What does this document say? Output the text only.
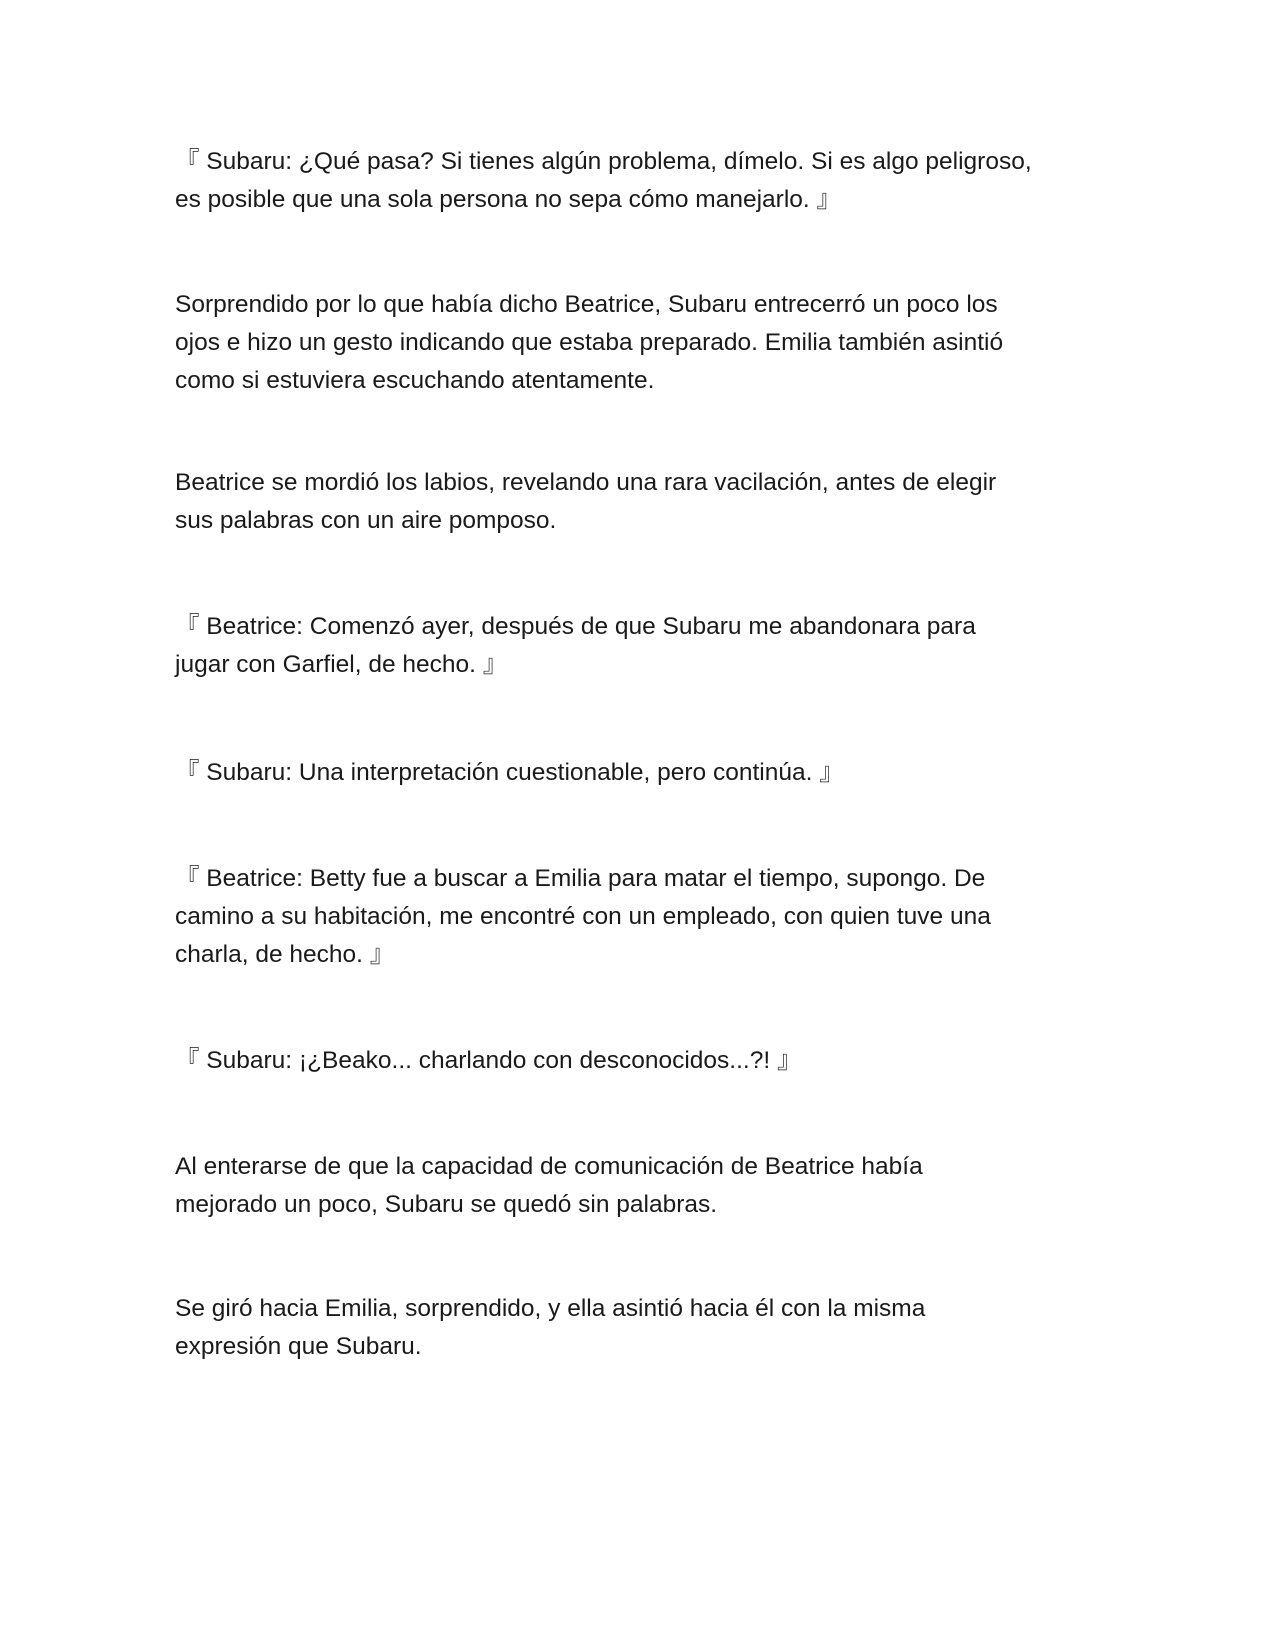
『 Subaru: ¿Qué pasa? Si tienes algún problema, dímelo. Si es algo peligroso,
es posible que una sola persona no sepa cómo manejarlo. 』

Sorprendido por lo que había dicho Beatrice, Subaru entrecerró un poco los
ojos e hizo un gesto indicando que estaba preparado. Emilia también asintió
como si estuviera escuchando atentamente.

Beatrice se mordió los labios, revelando una rara vacilación, antes de elegir
sus palabras con un aire pomposo.

『 Beatrice: Comenzó ayer, después de que Subaru me abandonara para
jugar con Garfiel, de hecho. 』

『 Subaru: Una interpretación cuestionable, pero continúa. 』

『 Beatrice: Betty fue a buscar a Emilia para matar el tiempo, supongo. De
camino a su habitación, me encontré con un empleado, con quien tuve una
charla, de hecho. 』

『 Subaru: ¡¿Beako... charlando con desconocidos...?! 』

Al enterarse de que la capacidad de comunicación de Beatrice había
mejorado un poco, Subaru se quedó sin palabras.

Se giró hacia Emilia, sorprendido, y ella asintió hacia él con la misma
expresión que Subaru.
